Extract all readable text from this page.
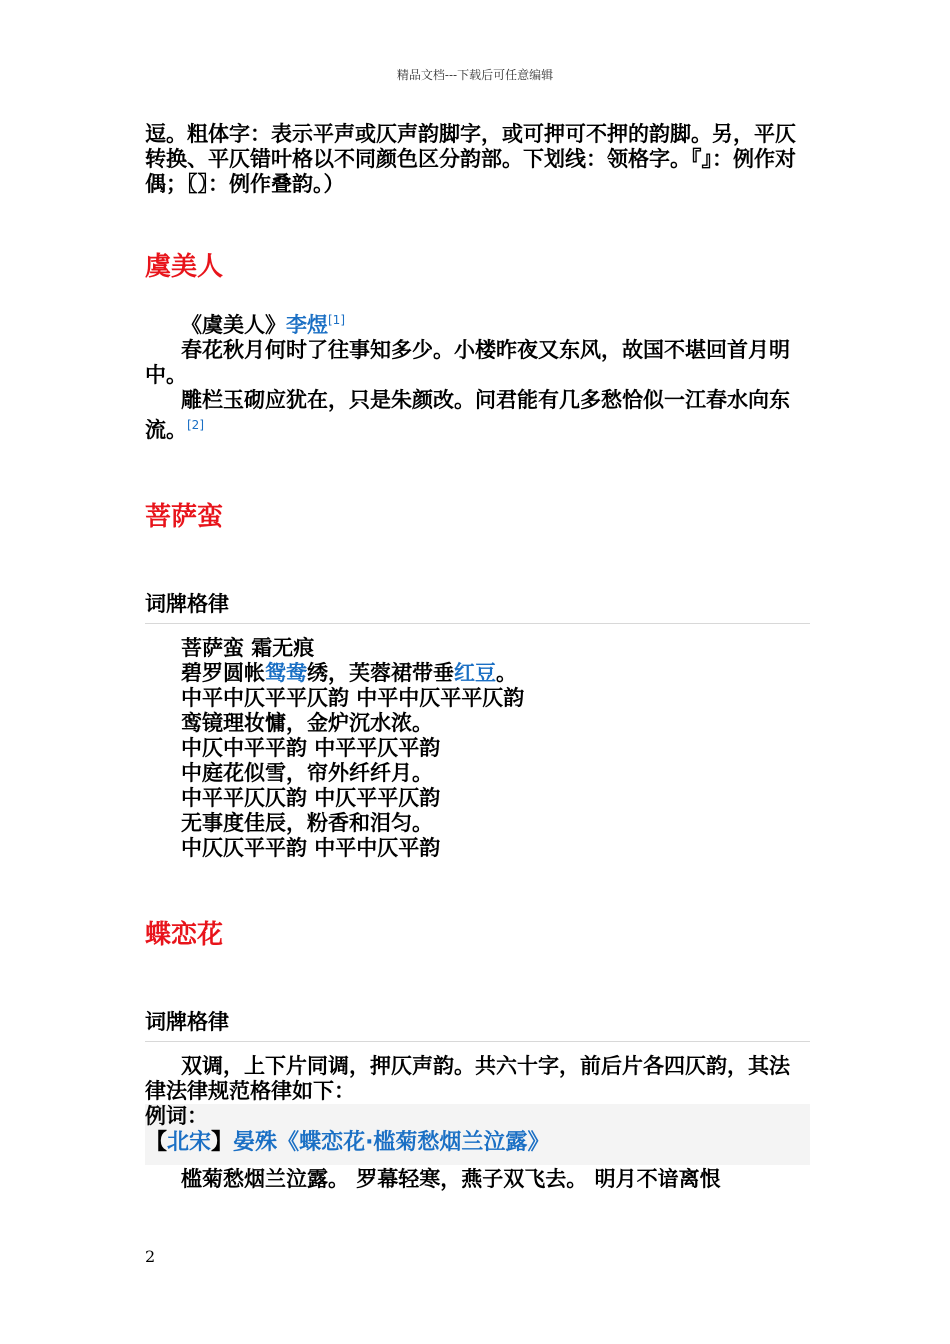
精品文档---下载后可任意编辑

逗。粗体字：表示平声或仄声韵脚字，或可押可不押的韵脚。另，平仄转换、平仄错叶格以不同颜色区分韵部。下划线：领格字。『』：例作对偶；〖〗：例作叠韵。）

虞美人
《虞美人》李煜[1]

春花秋月何时了往事知多少。小楼昨夜又东风，故国不堪回首月明中。

雕栏玉砌应犹在，只是朱颜改。问君能有几多愁恰似一江春水向东流。[2]

菩萨蛮
词牌格律
菩萨蛮 霜无痕
碧罗圆帐鸳鸯绣，芙蓉裙带垂红豆。
中平中仄平平仄韵 中平中仄平平仄韵
鸾镜理妆慵，金炉沉水浓。
中仄中平平韵 中平平仄平韵
中庭花似雪，帘外纤纤月。
中平平仄仄韵 中仄平平仄韵
无事度佳辰，粉香和泪匀。
中仄仄平平韵 中平中仄平韵
蝶恋花
词牌格律

双调，上下片同调，押仄声韵。共六十字，前后片各四仄韵，其法律法律规范格律如下：

例词：
【北宋】晏殊《蝶恋花·槛菊愁烟兰泣露》
槛菊愁烟兰泣露。 罗幕轻寒，燕子双飞去。 明月不谙离恨
2
